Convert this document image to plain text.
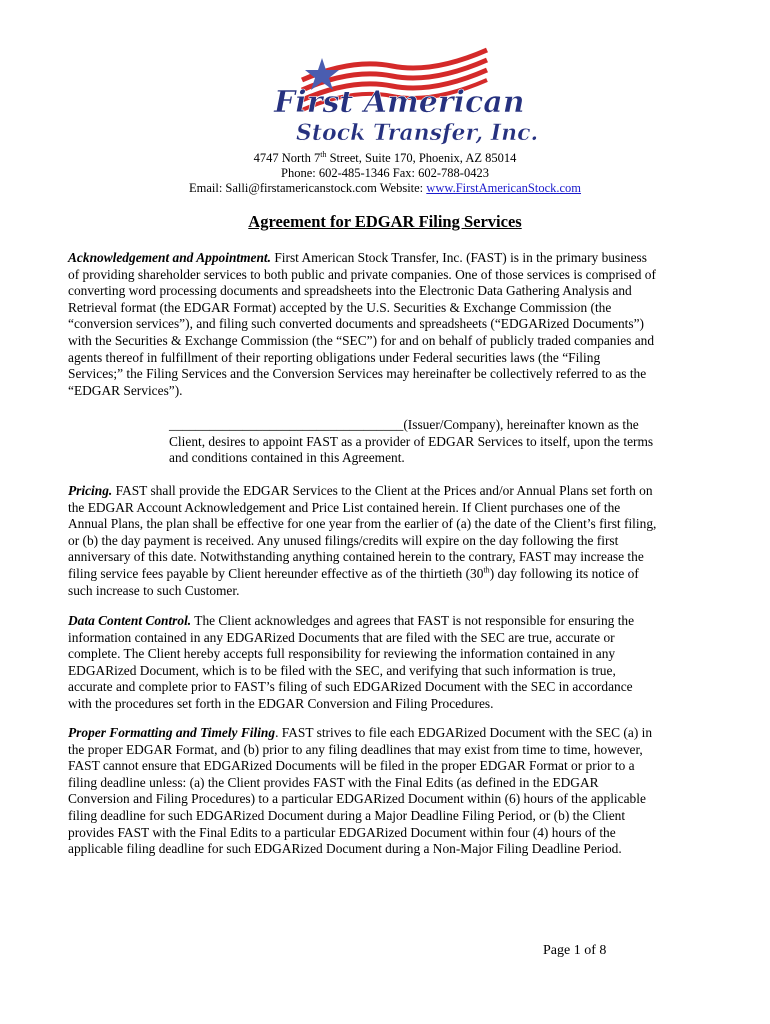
First American
Stock Transfer, Inc.
4747 North 7th Street, Suite 170, Phoenix, AZ 85014
Phone: 602-485-1346 Fax: 602-788-0423
Email: Salli@firstamericanstock.com Website: www.FirstAmericanStock.com
Agreement for EDGAR Filing Services

Acknowledgement and Appointment. First American Stock Transfer, Inc. (FAST) is in the primary business of providing shareholder services to both public and private companies. One of those services is comprised of converting word processing documents and spreadsheets into the Electronic Data Gathering Analysis and Retrieval format (the EDGAR Format) accepted by the U.S. Securities & Exchange Commission (the “conversion services”), and filing such converted documents and spreadsheets (“EDGARized Documents”) with the Securities & Exchange Commission (the “SEC”) for and on behalf of publicly traded companies and agents thereof in fulfillment of their reporting obligations under Federal securities laws (the “Filing Services;” the Filing Services and the Conversion Services may hereinafter be collectively referred to as the “EDGAR Services”).

___________________________________(Issuer/Company), hereinafter known as the Client, desires to appoint FAST as a provider of EDGAR Services to itself, upon the terms and conditions contained in this Agreement.

Pricing. FAST shall provide the EDGAR Services to the Client at the Prices and/or Annual Plans set forth on the EDGAR Account Acknowledgement and Price List contained herein. If Client purchases one of the Annual Plans, the plan shall be effective for one year from the earlier of (a) the date of the Client’s first filing, or (b) the day payment is received. Any unused filings/credits will expire on the day following the first anniversary of this date. Notwithstanding anything contained herein to the contrary, FAST may increase the filing service fees payable by Client hereunder effective as of the thirtieth (30th) day following its notice of such increase to such Customer.

Data Content Control. The Client acknowledges and agrees that FAST is not responsible for ensuring the information contained in any EDGARized Documents that are filed with the SEC are true, accurate or complete. The Client hereby accepts full responsibility for reviewing the information contained in any EDGARized Document, which is to be filed with the SEC, and verifying that such information is true, accurate and complete prior to FAST’s filing of such EDGARized Document with the SEC in accordance with the procedures set forth in the EDGAR Conversion and Filing Procedures.

Proper Formatting and Timely Filing. FAST strives to file each EDGARized Document with the SEC (a) in the proper EDGAR Format, and (b) prior to any filing deadlines that may exist from time to time, however, FAST cannot ensure that EDGARized Documents will be filed in the proper EDGAR Format or prior to a filing deadline unless: (a) the Client provides FAST with the Final Edits (as defined in the EDGAR Conversion and Filing Procedures) to a particular EDGARized Document within (6) hours of the applicable filing deadline for such EDGARized Document during a Major Deadline Filing Period, or (b) the Client provides FAST with the Final Edits to a particular EDGARized Document within four (4) hours of the applicable filing deadline for such EDGARized Document during a Non-Major Filing Deadline Period.

Page 1 of 8
